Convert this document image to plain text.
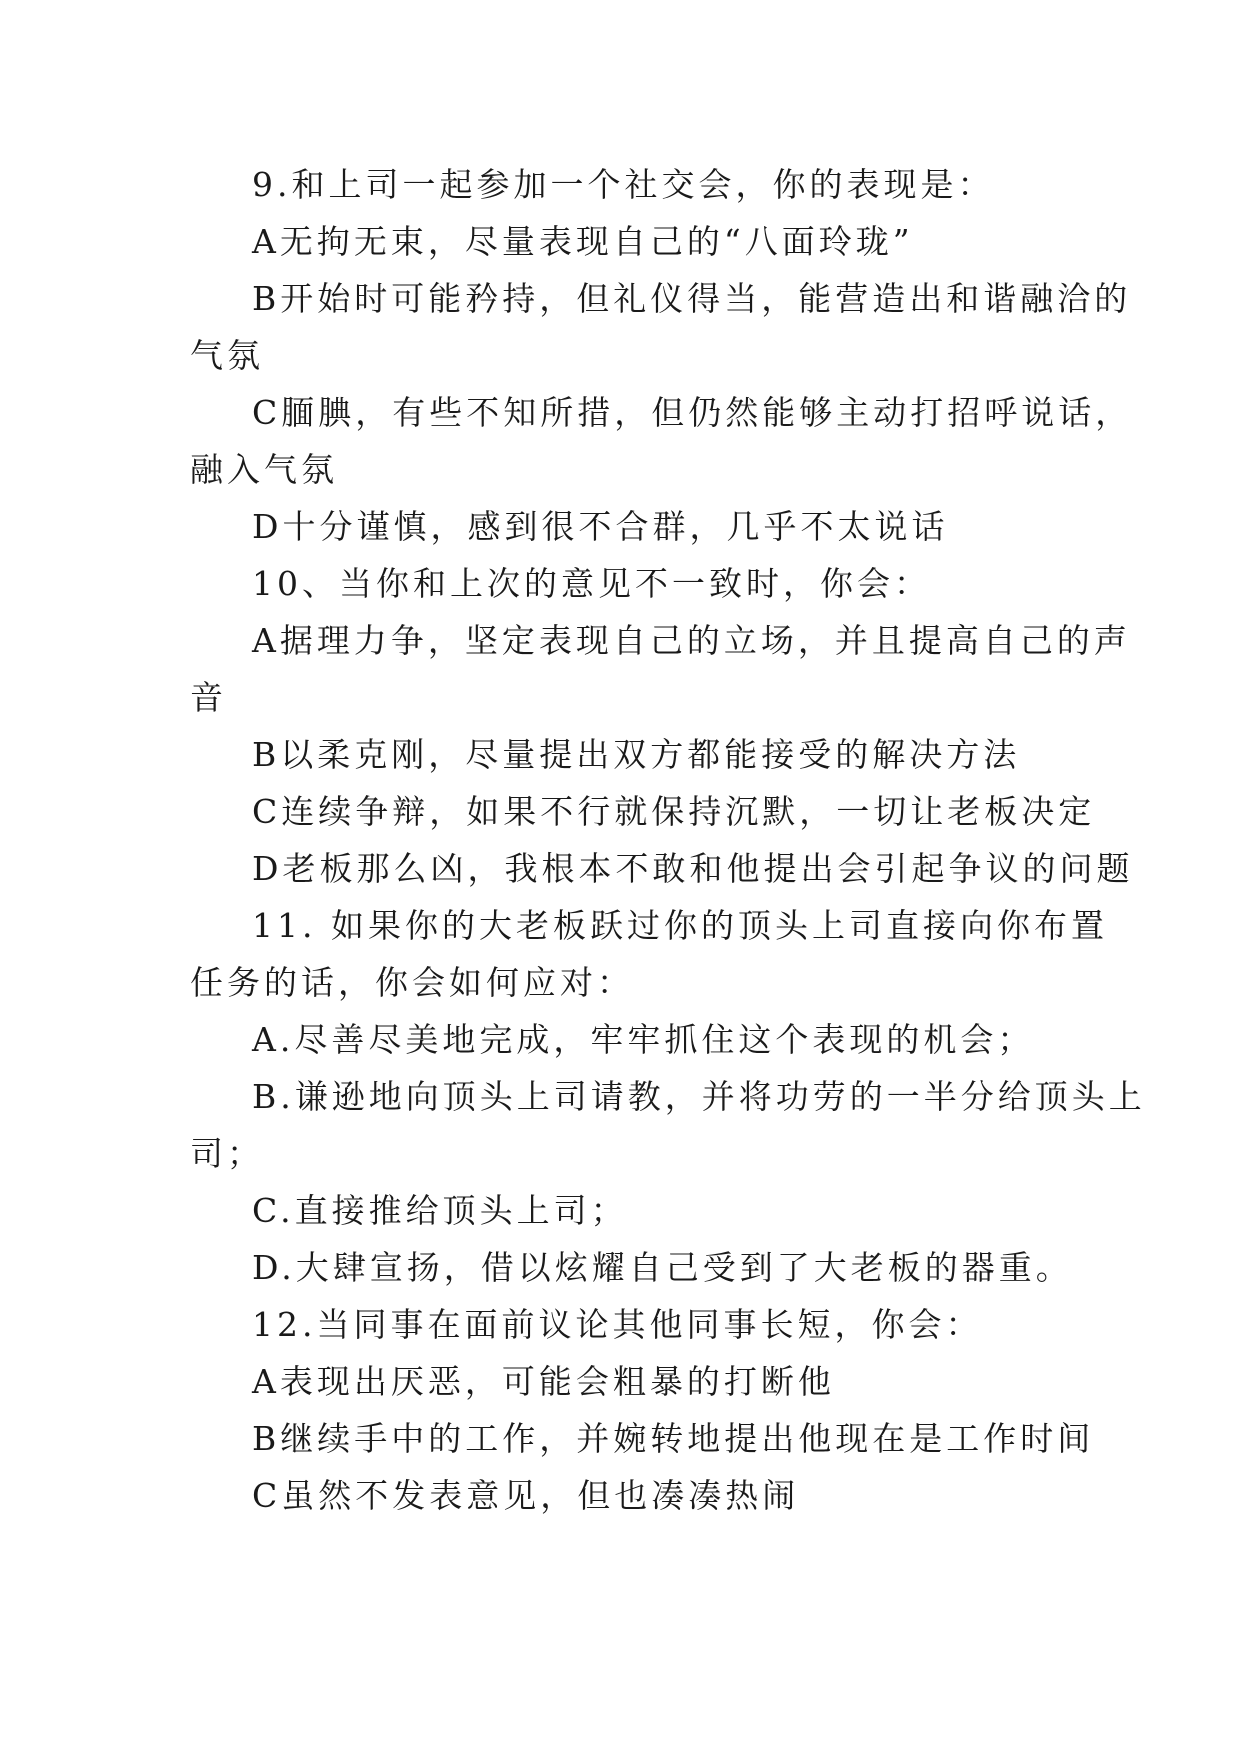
9.和上司一起参加一个社交会，你的表现是：
A无拘无束，尽量表现自己的“八面玲珑”
B开始时可能矜持，但礼仪得当，能营造出和谐融洽的
气氛
C腼腆，有些不知所措，但仍然能够主动打招呼说话，
融入气氛
D十分谨慎，感到很不合群，几乎不太说话
10、当你和上次的意见不一致时，你会：
A据理力争，坚定表现自己的立场，并且提高自己的声
音
B以柔克刚，尽量提出双方都能接受的解决方法
C连续争辩，如果不行就保持沉默，一切让老板决定
D老板那么凶，我根本不敢和他提出会引起争议的问题
11. 如果你的大老板跃过你的顶头上司直接向你布置
任务的话，你会如何应对：
A.尽善尽美地完成，牢牢抓住这个表现的机会；
B.谦逊地向顶头上司请教，并将功劳的一半分给顶头上
司；
C.直接推给顶头上司；
D.大肆宣扬，借以炫耀自己受到了大老板的器重。
12.当同事在面前议论其他同事长短，你会：
A表现出厌恶，可能会粗暴的打断他
B继续手中的工作，并婉转地提出他现在是工作时间
C虽然不发表意见，但也凑凑热闹
